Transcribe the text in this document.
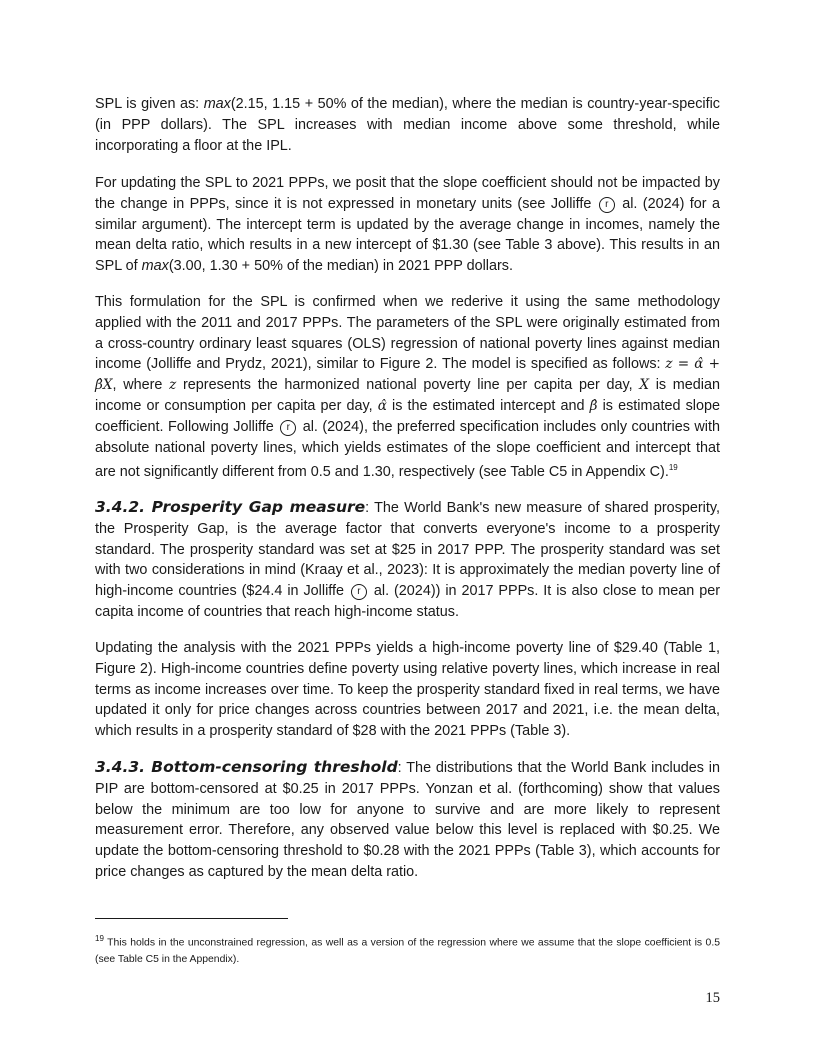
SPL is given as: max(2.15, 1.15 + 50% of the median), where the median is country-year-specific (in PPP dollars). The SPL increases with median income above some threshold, while incorporating a floor at the IPL.

For updating the SPL to 2021 PPPs, we posit that the slope coefficient should not be impacted by the change in PPPs, since it is not expressed in monetary units (see Jolliffe r al. (2024) for a similar argument). The intercept term is updated by the average change in incomes, namely the mean delta ratio, which results in a new intercept of $1.30 (see Table 3 above). This results in an SPL of max(3.00, 1.30 + 50% of the median) in 2021 PPP dollars.

This formulation for the SPL is confirmed when we rederive it using the same methodology applied with the 2011 and 2017 PPPs. The parameters of the SPL were originally estimated from a cross-country ordinary least squares (OLS) regression of national poverty lines against median income (Jolliffe and Prydz, 2021), similar to Figure 2. The model is specified as follows: z = α̂ + β̂X, where z represents the harmonized national poverty line per capita per day, X is median income or consumption per capita per day, α̂ is the estimated intercept and β̂ is estimated slope coefficient. Following Jolliffe r al. (2024), the preferred specification includes only countries with absolute national poverty lines, which yields estimates of the slope coefficient and intercept that are not significantly different from 0.5 and 1.30, respectively (see Table C5 in Appendix C).$^{19}$

3.4.2. Prosperity Gap measure: The World Bank's new measure of shared prosperity, the Prosperity Gap, is the average factor that converts everyone's income to a prosperity standard. The prosperity standard was set at $25 in 2017 PPP. The prosperity standard was set with two considerations in mind (Kraay et al., 2023): It is approximately the median poverty line of high-income countries ($24.4 in Jolliffe r al. (2024)) in 2017 PPPs. It is also close to mean per capita income of countries that reach high-income status.

Updating the analysis with the 2021 PPPs yields a high-income poverty line of $29.40 (Table 1, Figure 2). High-income countries define poverty using relative poverty lines, which increase in real terms as income increases over time. To keep the prosperity standard fixed in real terms, we have updated it only for price changes across countries between 2017 and 2021, i.e. the mean delta, which results in a prosperity standard of $28 with the 2021 PPPs (Table 3).

3.4.3. Bottom-censoring threshold: The distributions that the World Bank includes in PIP are bottom-censored at $0.25 in 2017 PPPs. Yonzan et al. (forthcoming) show that values below the minimum are too low for anyone to survive and are more likely to represent measurement error. Therefore, any observed value below this level is replaced with $0.25. We update the bottom-censoring threshold to $0.28 with the 2021 PPPs (Table 3), which accounts for price changes as captured by the mean delta ratio.

$^{19}$ This holds in the unconstrained regression, as well as a version of the regression where we assume that the slope coefficient is 0.5 (see Table C5 in the Appendix).

15
